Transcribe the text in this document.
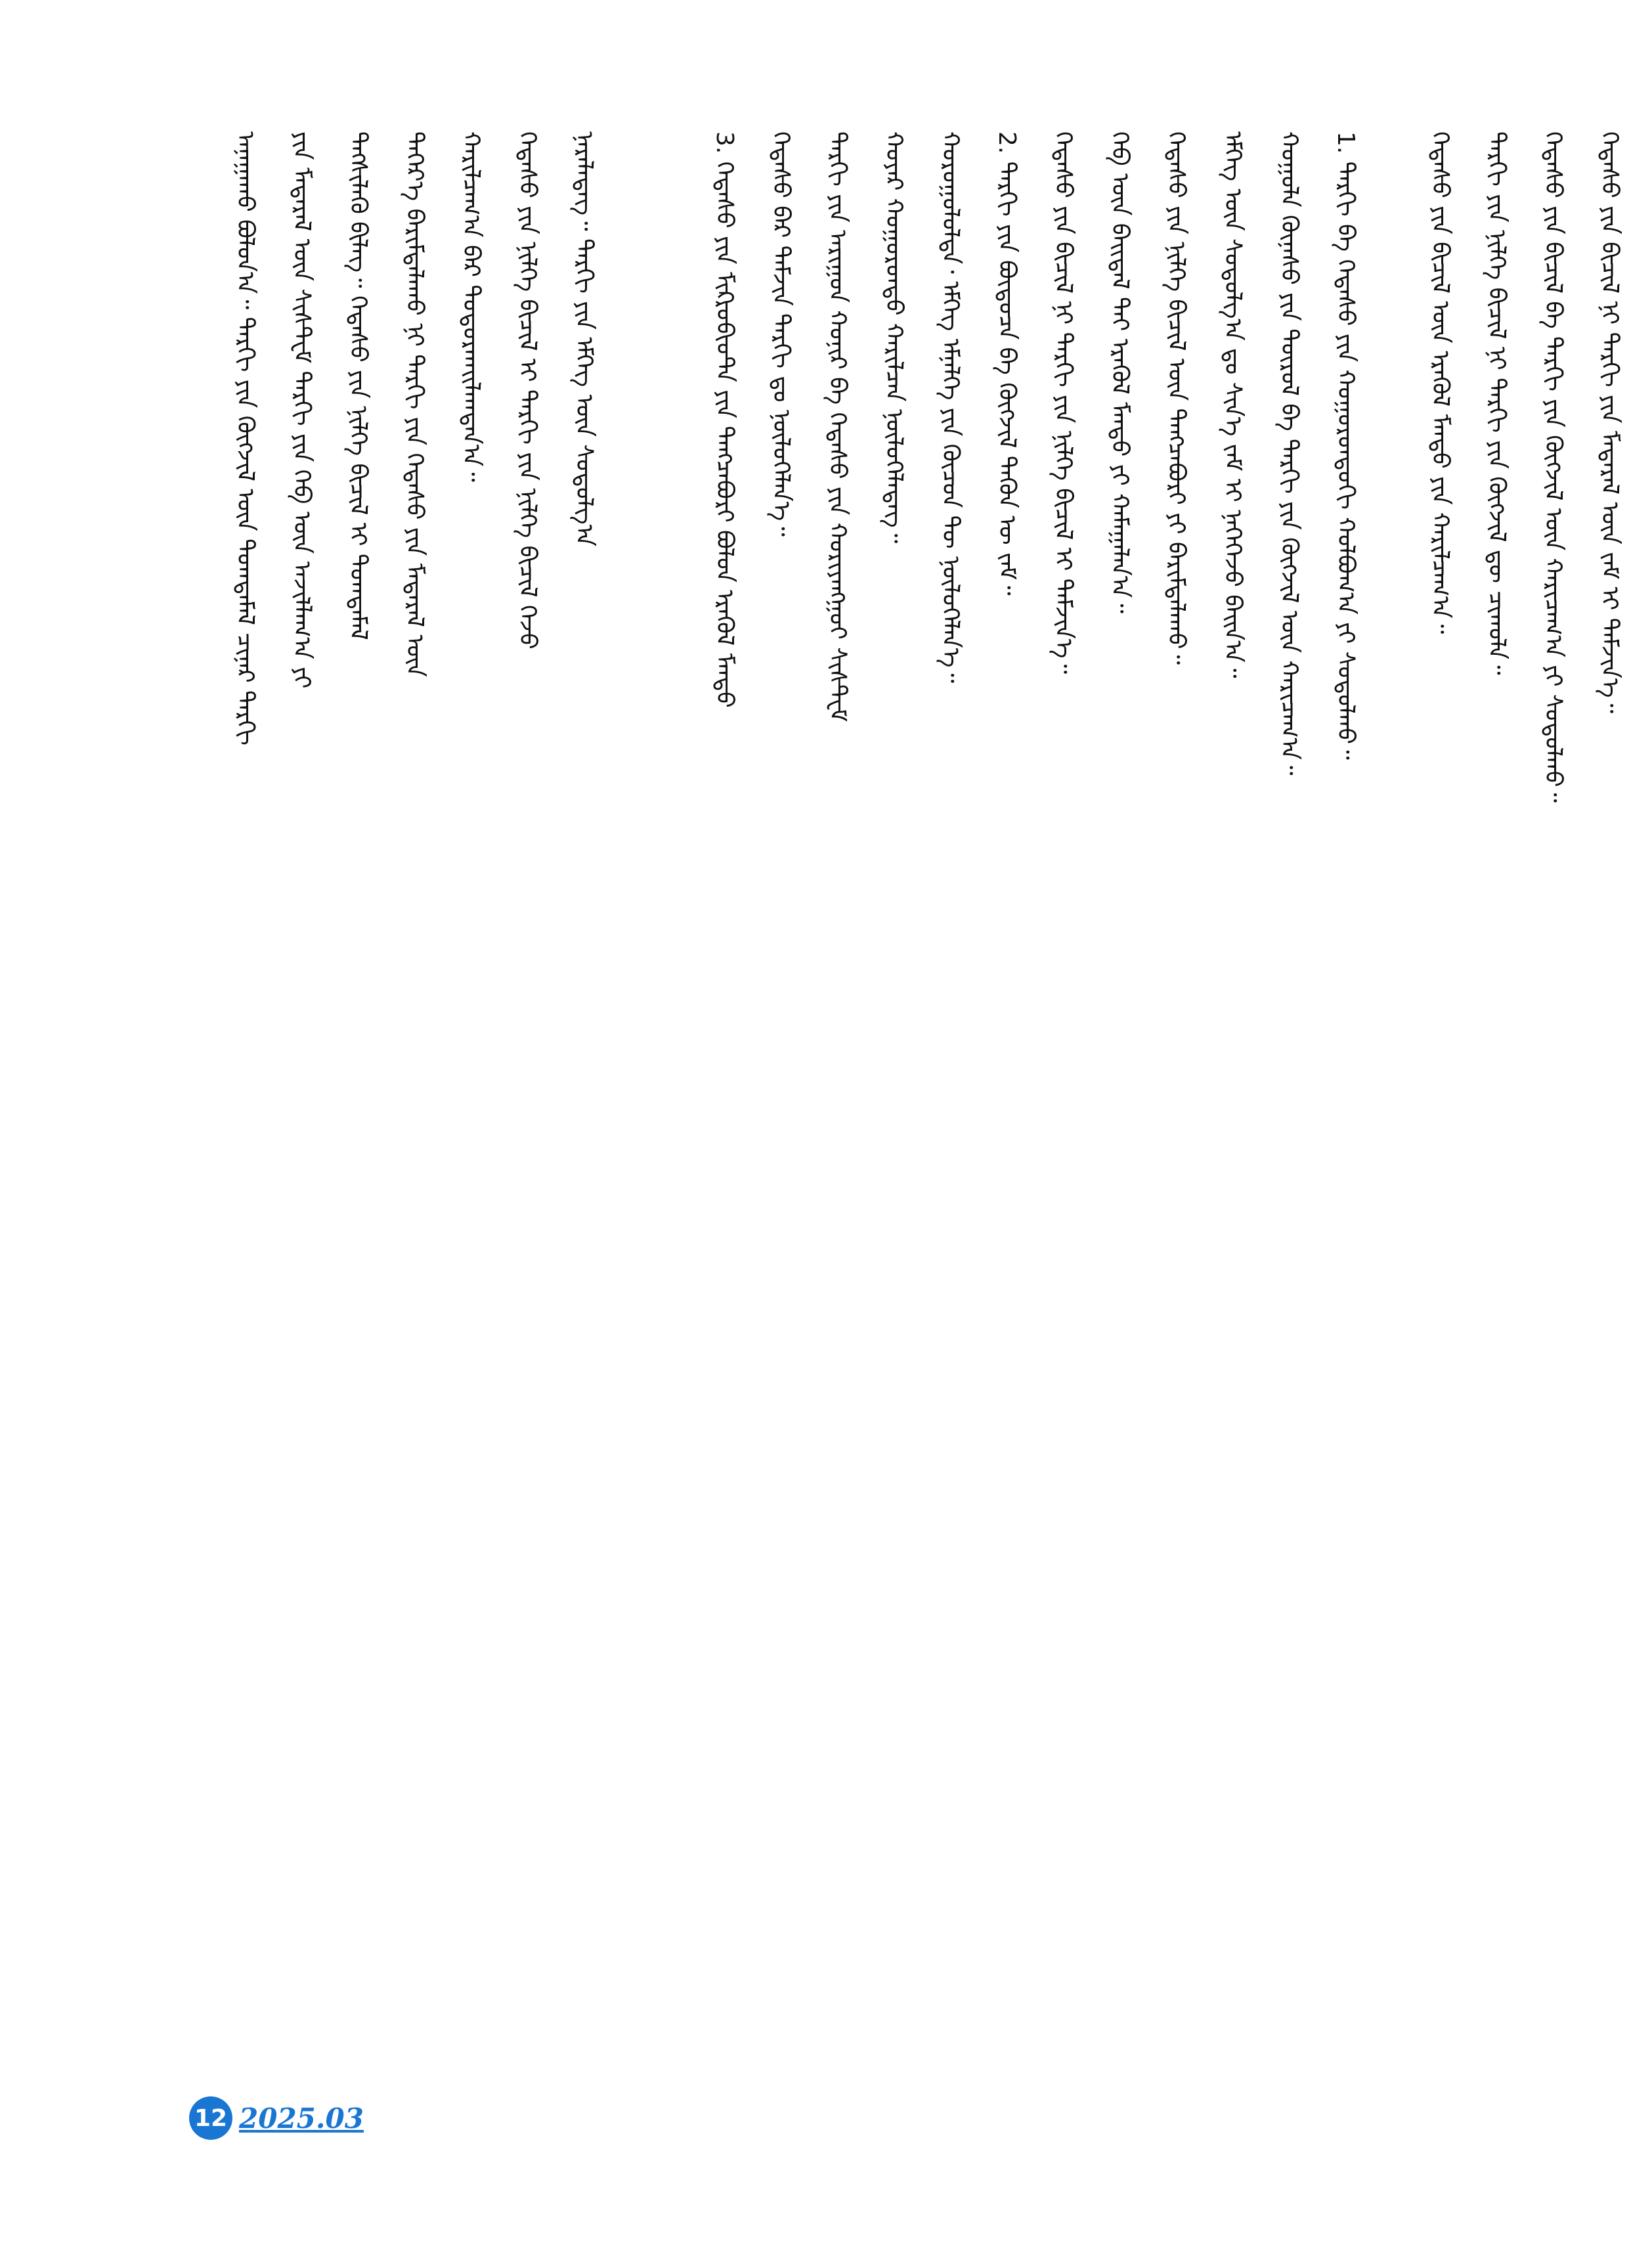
ᠠᠨᠠᠭᠠᠬᠤ ᠪᠣᠯᠤᠨ᠎ᠠ᠃ ᠲᠠᠷᠬᠢ ᠶᠢᠨ ᠬᠥᠭᠵᠢᠯ ᠦᠨ ᠲᠣᠭᠲᠠᠮᠠᠯ ᠴᠢᠨᠠᠷ ᠲᠠᠷᠬᠢ	ᠶᠢᠨ ᠮᠡᠳᠡᠷᠡᠯ ᠦᠨ ᠰᠢᠰᠲᠧᠮ ᠲᠠᠷᠬᠢ ᠶᠢᠨ ᠬᠡᠪ ᠦᠨ ᠠᠵᠢᠯᠯᠠᠭ᠎ᠠ ᠶᠢ	ᠲᠡᠭᠰᠢᠯᠡᠬᠦ ᠪᠢᠯᠡᠭ᠃ ᠭᠡᠳᠡᠰᠦ ᠶᠢᠨ ᠨᠢᠯᠬᠡ ᠪᠢᠴᠢᠯ ᠢ ᠲᠣᠭᠲᠠᠮᠠᠯ	ᠳᠡᠭᠡᠷ᠎ᠡ ᠪᠠᠷᠢᠮᠲᠠᠯᠠᠬᠤ ᠨᠢ ᠲᠠᠷᠬᠢ ᠶᠢᠨ ᠭᠡᠳᠡᠰᠦ ᠶᠢᠨ ᠮᠡᠳᠡᠷᠡᠯ ᠦᠨ	ᠬᠠᠷᠢᠯᠴᠠᠭ᠎ᠠ ᠪᠠᠷ ᠲᠣᠳᠣᠷᠬᠠᠢᠯᠠᠭᠳᠠᠨ᠎ᠠ᠃	ᠭᠡᠳᠡᠰᠦ ᠶᠢᠨ ᠨᠢᠯᠬᠡ ᠪᠢᠴᠢᠯ ᠢ ᠲᠠᠷᠬᠢ ᠶᠢᠨ ᠨᠢᠯᠬᠡ ᠪᠢᠴᠢᠯ ᠭᠡᠵᠦ	ᠨᠡᠷᠡᠯᠡᠳᠡᠭ᠃ ᠲᠠᠷᠬᠢ ᠶᠢᠨ ᠡᠮᠭᠡᠭ ᠦᠨ ᠰᠤᠳᠤᠯᠭ᠎ᠠ	3. ᠭᠡᠳᠡᠰᠦ ᠶᠢᠨ ᠮᠢᠺᠷᠣᠪᠢᠣᠲ᠋ᠠ ᠶᠢᠨ ᠲᠡᠩᠴᠡᠪᠦᠷᠢ ᠪᠣᠯᠤᠨ ᠡᠷᠡᠭᠦᠯ ᠮᠡᠨᠳᠦ	ᠭᠡᠳᠡᠰᠦ ᠪᠠᠷ ᠳᠠᠮᠵᠢᠨ ᠲᠠᠷᠬᠢ ᠳᠤ ᠨᠥᠯᠦᠭᠡᠯᠡᠨ᠎ᠡ᠃	ᠲᠠᠷᠬᠢ ᠶᠢᠨ ᠠᠷᠢᠭᠤᠨ ᠬᠣᠨᠢᠷ ᠪᠠ ᠭᠡᠳᠡᠰᠦ ᠶᠢᠨ ᠬᠤᠷᠢᠶᠠᠩᠭᠤᠢ ᠰᠢᠰᠲᠧᠮ	ᠬᠣᠶᠠᠷ ᠬᠣᠭᠣᠷᠤᠨᠳᠤ ᠬᠠᠷᠢᠯᠴᠠᠨ ᠨᠥᠯᠦᠭᠡᠯᠡᠳᠡᠭ᠃	ᠬᠣᠷᠣᠭᠤᠯᠤᠯᠲᠠ᠂ ᠡᠮᠭᠡᠭ ᠡᠮᠨᠡᠯᠭᠡ ᠶᠢᠨ ᠬᠦᠴᠦᠨ ᠲᠦ ᠨᠥᠯᠦᠭᠡᠯᠡᠨ᠎ᠡ᠃	2. ᠲᠠᠷᠬᠢ ᠶᠢᠨ ᠪᠦᠲᠦᠴᠡ ᠪᠠ ᠬᠥᠭᠵᠢᠯ ᠲᠡᠭᠦᠨ ᠦ ᠵᠠᠮ᠃	ᠭᠡᠳᠡᠰᠦ ᠶᠢᠨ ᠪᠢᠴᠢᠯ ᠨᠢ ᠲᠠᠷᠬᠢ ᠶᠢᠨ ᠨᠢᠯᠬᠡ ᠪᠢᠴᠢᠯ ᠢ ᠳᠡᠮᠵᠢᠨ᠎ᠡ᠃	ᠬᠡᠪ ᠦᠨ ᠪᠠᠢᠳᠠᠯ ᠲᠠᠢ ᠡᠷᠡᠭᠦᠯ ᠮᠡᠨᠳᠦ ᠶᠢ ᠬᠠᠮᠠᠭᠠᠯᠠᠨ᠎ᠠ᠃	ᠭᠡᠳᠡᠰᠦ ᠶᠢᠨ ᠨᠢᠯᠬᠡ ᠪᠢᠴᠢᠯ ᠦᠨ ᠲᠡᠩᠴᠡᠪᠦᠷᠢ ᠶᠢ ᠪᠠᠷᠢᠮᠲᠠᠯᠠᠬᠤ᠃	ᠡᠮᠭᠡᠭ ᠦᠨ ᠰᠤᠳᠤᠯᠭ᠎ᠠ ᠳᠤ ᠰᠢᠨ᠎ᠡ ᠵᠠᠮ ᠢ ᠨᠡᠭᠡᠭᠡᠵᠦ ᠪᠠᠢᠨ᠎ᠠ᠃	ᠬᠣᠭᠣᠯᠠ ᠬᠦᠨᠡᠰᠦ ᠶᠢᠨ ᠲᠥᠷᠥᠯ ᠪᠠ ᠲᠠᠷᠬᠢ ᠶᠢᠨ ᠬᠥᠭᠵᠢᠯ ᠦᠨ ᠬᠠᠷᠢᠴᠠᠭ᠎ᠠ᠃	1. ᠲᠠᠷᠬᠢ ᠪᠠ ᠭᠡᠳᠡᠰᠦ ᠶᠢᠨ ᠬᠣᠭᠣᠷᠤᠨᠳᠤᠬᠢ ᠬᠣᠯᠪᠣᠭ᠎ᠠ ᠶᠢ ᠰᠤᠳᠤᠯᠬᠤ᠃	ᠭᠡᠳᠡᠰᠦ ᠶᠢᠨ ᠪᠢᠴᠢᠯ ᠦᠨ ᠡᠷᠡᠭᠦᠯ ᠮᠡᠨᠳᠦ ᠶᠢᠨ ᠬᠠᠷᠢᠯᠴᠠᠭ᠎ᠠ᠃	ᠲᠠᠷᠬᠢ ᠶᠢᠨ ᠨᠢᠯᠬᠡ ᠪᠢᠴᠢᠯ ᠨᠢ ᠲᠠᠷᠬᠢ ᠶᠢᠨ ᠬᠥᠭᠵᠢᠯ ᠳᠦ ᠴᠢᠬᠤᠯᠠ᠃	ᠭᠡᠳᠡᠰᠦ ᠶᠢᠨ ᠪᠢᠴᠢᠯ ᠪᠠ ᠲᠠᠷᠬᠢ ᠶᠢᠨ ᠬᠥᠭᠵᠢᠯ ᠦᠨ ᠬᠠᠷᠢᠴᠠᠭ᠎ᠠ ᠶᠢ ᠰᠤᠳᠤᠯᠬᠤ᠃	ᠭᠡᠳᠡᠰᠦ ᠶᠢᠨ ᠪᠢᠴᠢᠯ ᠨᠢ ᠲᠠᠷᠬᠢ ᠶᠢᠨ ᠮᠡᠳᠡᠷᠡᠯ ᠦᠨ ᠵᠠᠮ ᠢ ᠳᠡᠮᠵᠢᠨ᠎ᠡ᠃
12 2025.03
